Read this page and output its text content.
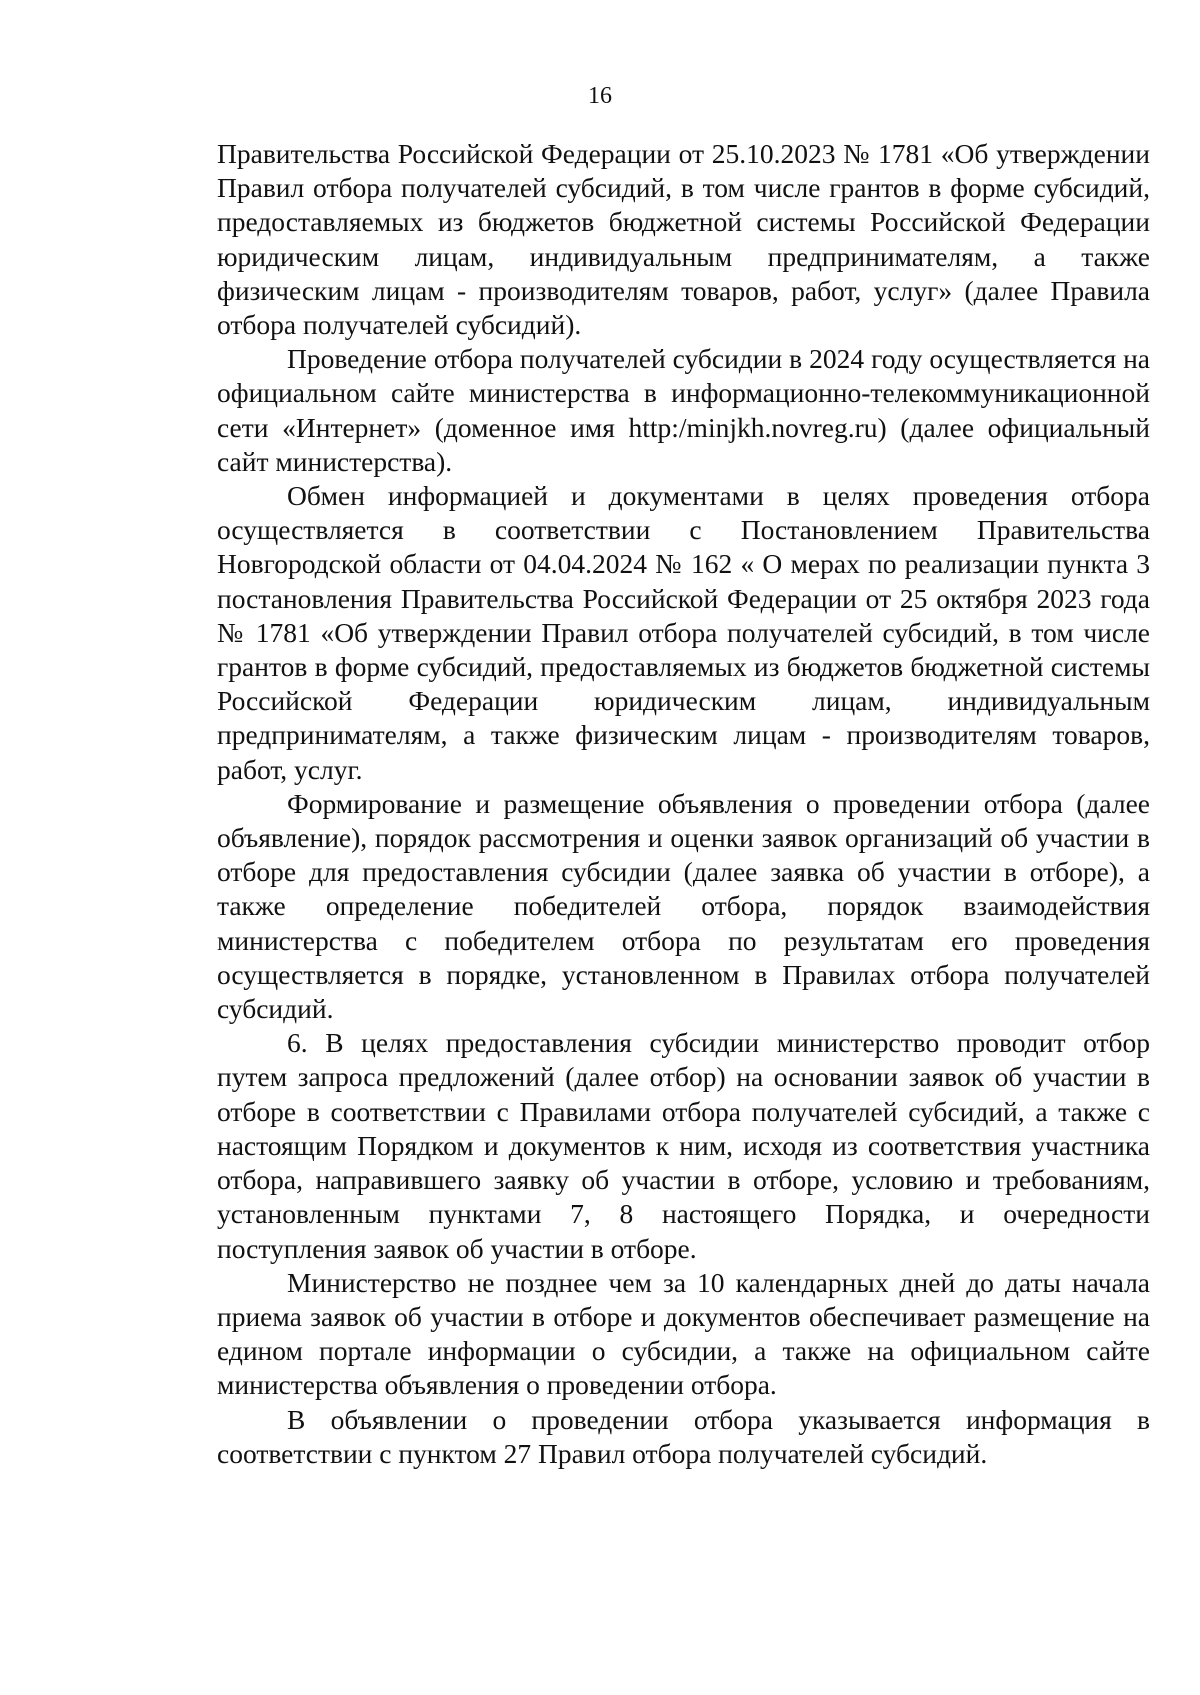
16

Правительства Российской Федерации от 25.10.2023 № 1781 «Об утверждении Правил отбора получателей субсидий, в том числе грантов в форме субсидий, предоставляемых из бюджетов бюджетной системы Российской Федерации юридическим лицам, индивидуальным предпринимателям, а также физическим лицам - производителям товаров, работ, услуг» (далее Правила отбора получателей субсидий).

Проведение отбора получателей субсидии в 2024 году осуществляется на официальном сайте министерства в информационно-телекоммуникационной сети «Интернет» (доменное имя http:/minjkh.novreg.ru) (далее официальный сайт министерства).

Обмен информацией и документами в целях проведения отбора осуществляется в соответствии с Постановлением Правительства Новгородской области от 04.04.2024 № 162 « О мерах по реализации пункта 3 постановления Правительства Российской Федерации от 25 октября 2023 года № 1781 «Об утверждении Правил отбора получателей субсидий, в том числе грантов в форме субсидий, предоставляемых из бюджетов бюджетной системы Российской Федерации юридическим лицам, индивидуальным предпринимателям, а также физическим лицам - производителям товаров, работ, услуг.

Формирование и размещение объявления о проведении отбора (далее объявление), порядок рассмотрения и оценки заявок организаций об участии в отборе для предоставления субсидии (далее заявка об участии в отборе), а также определение победителей отбора, порядок взаимодействия министерства с победителем отбора по результатам его проведения осуществляется в порядке, установленном в Правилах отбора получателей субсидий.

6. В целях предоставления субсидии министерство проводит отбор путем запроса предложений (далее отбор) на основании заявок об участии в отборе в соответствии с Правилами отбора получателей субсидий, а также с настоящим Порядком и документов к ним, исходя из соответствия участника отбора, направившего заявку об участии в отборе, условию и требованиям, установленным пунктами 7, 8 настоящего Порядка, и очередности поступления заявок об участии в отборе.

Министерство не позднее чем за 10 календарных дней до даты начала приема заявок об участии в отборе и документов обеспечивает размещение на едином портале информации о субсидии, а также на официальном сайте министерства объявления о проведении отбора.

В объявлении о проведении отбора указывается информация в соответствии с пунктом 27 Правил отбора получателей субсидий.
